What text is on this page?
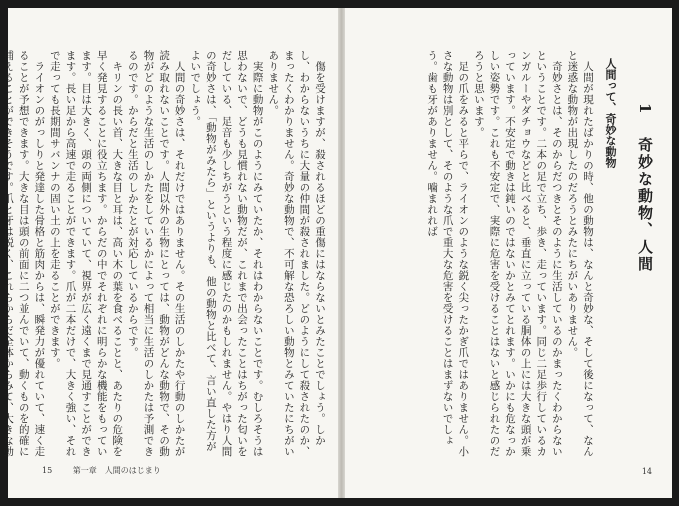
傷を受けますが、殺されるほどの重傷にはならないとみたことでしょう。しかし、わからないうちに大量の仲間が殺されました。どのようにして殺されたのか、まったくわかりません。奇妙な動物で、不可解な恐ろしい動物とみていたにちがいありません。

実際に動物がこのようにみていたか、それはわからないことです。むしろそうは思わないで、どうも見慣れない動物だが、これまで出会ったことはちがった匂いをだしている、足音も少しちがうという程度に感じたのかもしれません。やはり人間の奇妙さは、「動物がみたら」というよりも、他の動物と比べて、言い直した方がよいでしょう。

人間の奇妙さは、それだけではありません。その生活のしかたや行動のしかたが読み取れないことです。人間以外の生物にとっては、動物がどんな動物で、その動物がどのような生活のしかたをしているかによって相当に生活のしかたは予測できるのです。からだと生活のしかたとが対応しているからです。

キリンの長い首、大きな目と耳は、高い木の葉を食べることと、あたりの危険を早く発見することに役立ちます。からだの中でそれぞれに明らかな機能をもっています。目は大きく、頭の両側についていて、視界が広く遠くまで見通すことができます。長い足から高速で走ることができます。爪が二本だけで、大きく強い、それで走っても長期間サバンナの固い土の上を走ることができます。

ライオンのがっしりと発達した骨格と筋肉からは、瞬発力が優れていて、速く走ることが予想できます。大きな目は頭の前面に二つ並んでいて、動くものを的確に捕えることができそうです。爪と牙は鋭く、これらからだ全体からみて、大きな動

15	第一章　人間のはじまり
1 奇妙な動物、人間
人間って、奇妙な動物

人間が現れたばかりの時、他の動物は、なんと奇妙な、そして後になって、なんと迷惑な動物が出現したのだろうとみたにちがいありません。

奇妙さとは、そのからだつきとそのように生活しているのかまったくわからないということです。二本の足で立ち、歩き、走っています。同じ二足歩行しているカンガルーやダチョウなどと比べると、垂直に立っている胴体の上には大きな頭が乗っています。不安定で動きは鈍いのではないかとみてとれます。いかにも危なっかしい姿勢です。これも不安定で、実際に危害を受けることはないと感じられたのだろうと思います。

足の爪をみると平らで、ライオンのような鋭く尖ったかぎ爪ではありません。小さな動物は別として、そのような爪で重大な危害を受けることはまずないでしょう。歯も牙がありません。噛まれれば

14
